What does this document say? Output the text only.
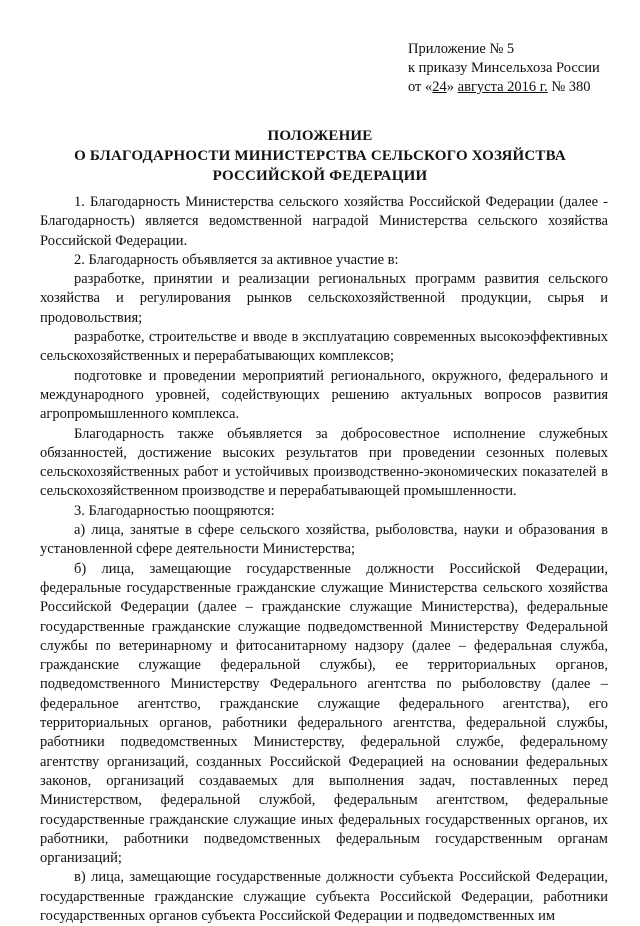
Приложение № 5
к приказу Минсельхоза России
от «24» августа 2016 г. № 380
ПОЛОЖЕНИЕ
О БЛАГОДАРНОСТИ МИНИСТЕРСТВА СЕЛЬСКОГО ХОЗЯЙСТВА
РОССИЙСКОЙ ФЕДЕРАЦИИ

1. Благодарность Министерства сельского хозяйства Российской Федерации (далее - Благодарность) является ведомственной наградой Министерства сельского хозяйства Российской Федерации.

2. Благодарность объявляется за активное участие в:

разработке, принятии и реализации региональных программ развития сельского хозяйства и регулирования рынков сельскохозяйственной продукции, сырья и продовольствия;

разработке, строительстве и вводе в эксплуатацию современных высокоэффективных сельскохозяйственных и перерабатывающих комплексов;

подготовке и проведении мероприятий регионального, окружного, федерального и международного уровней, содействующих решению актуальных вопросов развития агропромышленного комплекса.

Благодарность также объявляется за добросовестное исполнение служебных обязанностей, достижение высоких результатов при проведении сезонных полевых сельскохозяйственных работ и устойчивых производственно-экономических показателей в сельскохозяйственном производстве и перерабатывающей промышленности.

3. Благодарностью поощряются:

а) лица, занятые в сфере сельского хозяйства, рыболовства, науки и образования в установленной сфере деятельности Министерства;

б) лица, замещающие государственные должности Российской Федерации, федеральные государственные гражданские служащие Министерства сельского хозяйства Российской Федерации (далее – гражданские служащие Министерства), федеральные государственные гражданские служащие подведомственной Министерству Федеральной службы по ветеринарному и фитосанитарному надзору (далее – федеральная служба, гражданские служащие федеральной службы), ее территориальных органов, подведомственного Министерству Федерального агентства по рыболовству (далее – федеральное агентство, гражданские служащие федерального агентства), его территориальных органов, работники федерального агентства, федеральной службы, работники подведомственных Министерству, федеральной службе, федеральному агентству организаций, созданных Российской Федерацией на основании федеральных законов, организаций создаваемых для выполнения задач, поставленных перед Министерством, федеральной службой, федеральным агентством, федеральные государственные гражданские служащие иных федеральных государственных органов, их работники, работники подведомственных федеральным государственным органам организаций;

в) лица, замещающие государственные должности субъекта Российской Федерации, государственные гражданские служащие субъекта Российской Федерации, работники государственных органов субъекта Российской Федерации и подведомственных им
